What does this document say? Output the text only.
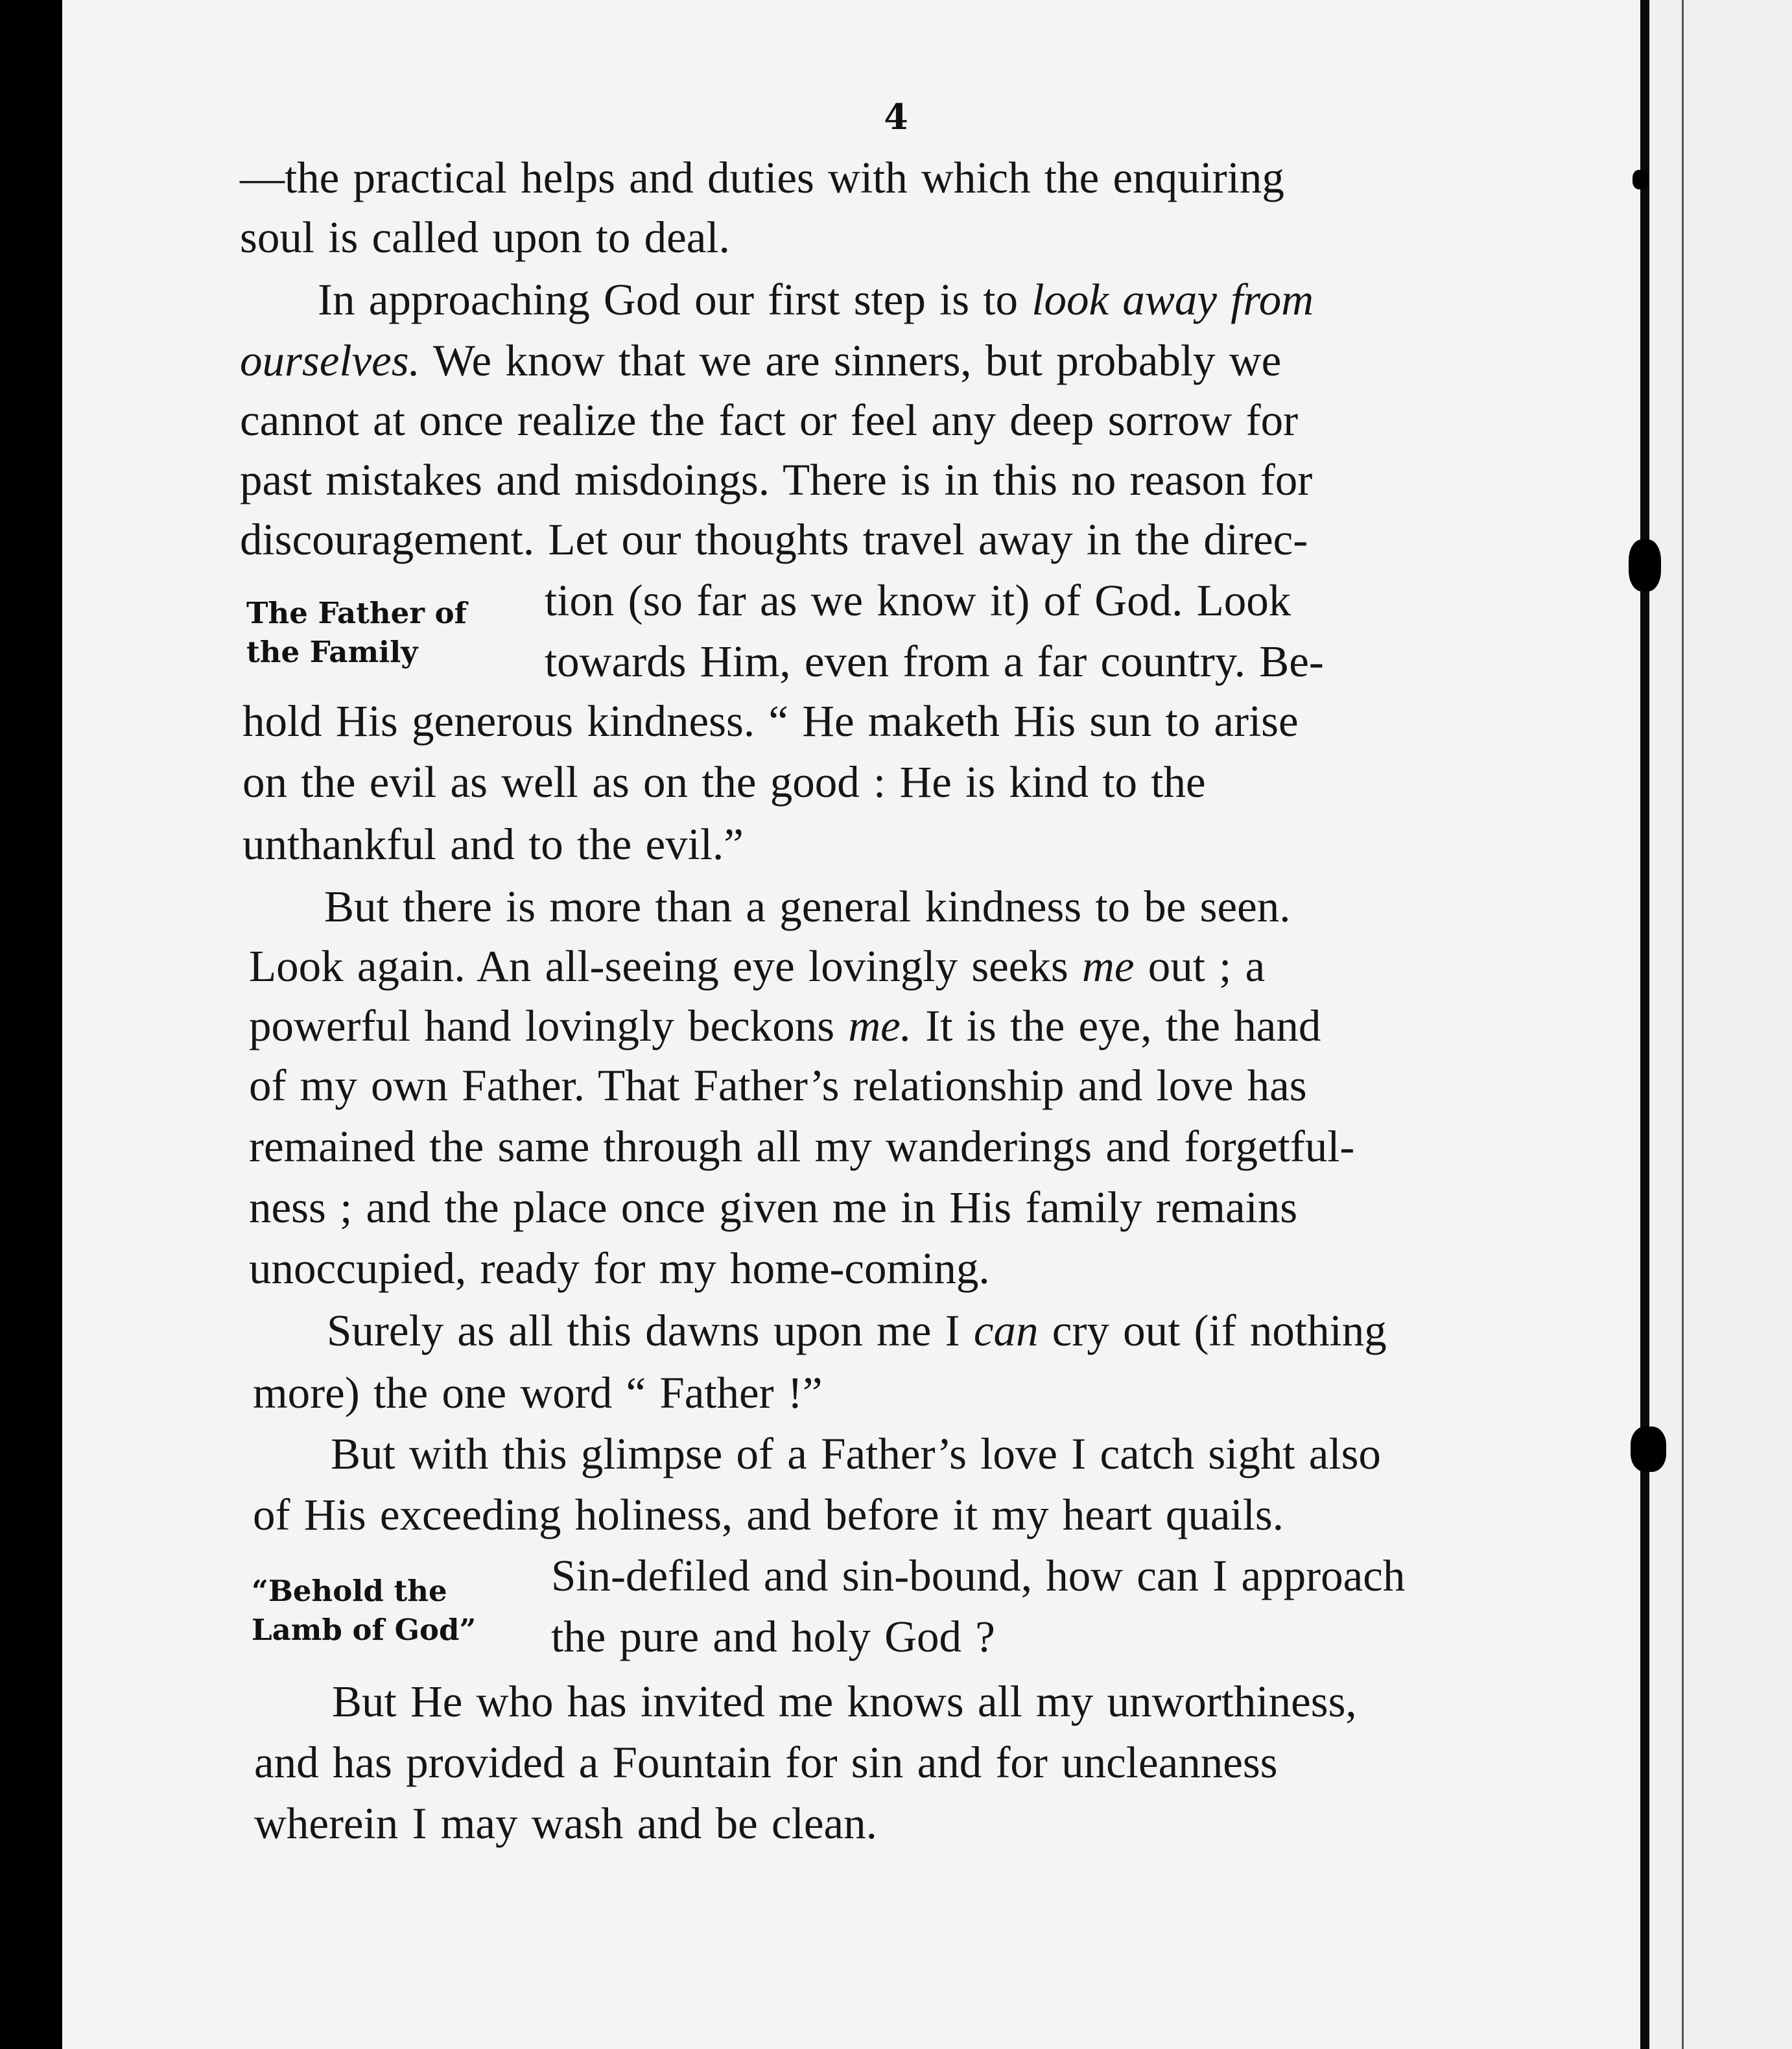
4
The Father of
the Family
“Behold the
Lamb of God”

—the practical helps and duties with which the enquiring

soul is called upon to deal.

In approaching God our first step is to look away from

ourselves. We know that we are sinners, but probably we

cannot at once realize the fact or feel any deep sorrow for

past mistakes and misdoings. There is in this no reason for

discouragement. Let our thoughts travel away in the direc-

tion (so far as we know it) of God. Look

towards Him, even from a far country. Be-

hold His generous kindness. “ He maketh His sun to arise

on the evil as well as on the good : He is kind to the

unthankful and to the evil.”

But there is more than a general kindness to be seen.

Look again. An all-seeing eye lovingly seeks me out ; a

powerful hand lovingly beckons me. It is the eye, the hand

of my own Father. That Father’s relationship and love has

remained the same through all my wanderings and forgetful-

ness ; and the place once given me in His family remains

unoccupied, ready for my home-coming.

Surely as all this dawns upon me I can cry out (if nothing

more) the one word “ Father !”

But with this glimpse of a Father’s love I catch sight also

of His exceeding holiness, and before it my heart quails.

Sin-defiled and sin-bound, how can I approach

the pure and holy God ?

But He who has invited me knows all my unworthiness,

and has provided a Fountain for sin and for uncleanness

wherein I may wash and be clean.
